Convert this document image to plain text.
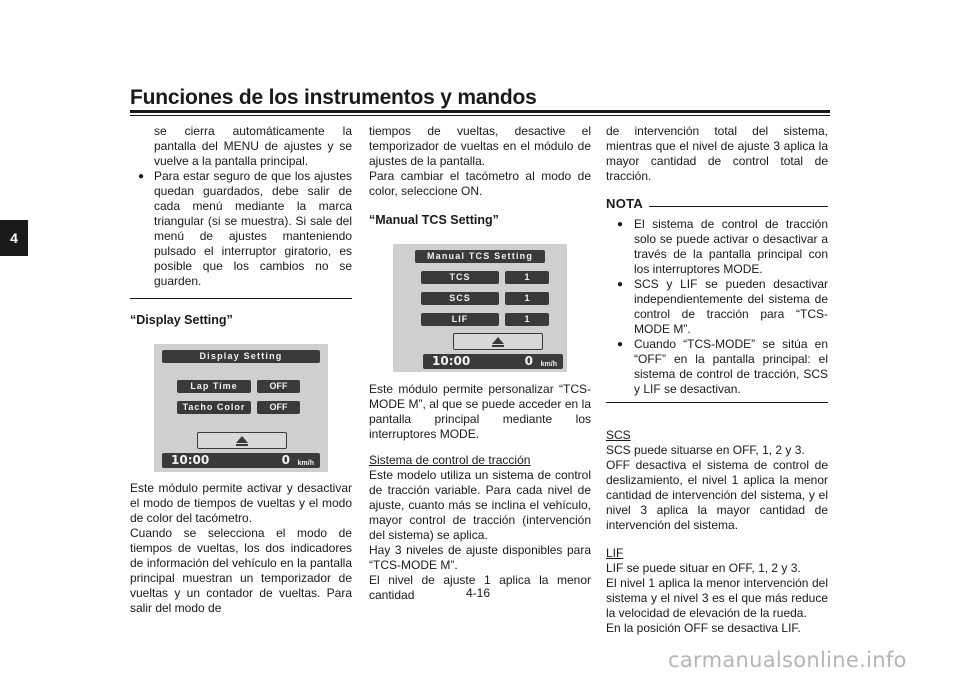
Funciones de los instrumentos y mandos
4

se cierra automáticamente la pantalla del MENU de ajustes y se vuelve a la pantalla principal.

● Para estar seguro de que los ajustes quedan guardados, debe salir de cada menú mediante la marca triangular (si se muestra). Si sale del menú de ajustes manteniendo pulsado el interruptor giratorio, es posible que los cambios no se guarden.
“Display Setting”
Display Setting
Lap Time	OFF
Tacho Color	OFF
10:00	0 km/h

Este módulo permite activar y desactivar el modo de tiempos de vueltas y el modo de color del tacómetro.

Cuando se selecciona el modo de tiempos de vueltas, los dos indicadores de información del vehículo en la pantalla principal muestran un temporizador de vueltas y un contador de vueltas. Para salir del modo de

tiempos de vueltas, desactive el temporizador de vueltas en el módulo de ajustes de la pantalla.

Para cambiar el tacómetro al modo de color, seleccione ON.

“Manual TCS Setting”
Manual TCS Setting
TCS	1
SCS	1
LIF	1
10:00	0 km/h

Este módulo permite personalizar “TCS-MODE M”, al que se puede acceder en la pantalla principal mediante los interruptores MODE.

Sistema de control de tracción

Este modelo utiliza un sistema de control de tracción variable. Para cada nivel de ajuste, cuanto más se inclina el vehículo, mayor control de tracción (intervención del sistema) se aplica.

Hay 3 niveles de ajuste disponibles para “TCS-MODE M”.

El nivel de ajuste 1 aplica la menor cantidad

de intervención total del sistema, mientras que el nivel de ajuste 3 aplica la mayor cantidad de control total de tracción.

NOTA
● El sistema de control de tracción solo se puede activar o desactivar a través de la pantalla principal con los interruptores MODE.
● SCS y LIF se pueden desactivar independientemente del sistema de control de tracción para “TCS-MODE M”.
● Cuando “TCS-MODE” se sitúa en “OFF” en la pantalla principal: el sistema de control de tracción, SCS y LIF se desactivan.

SCS

SCS puede situarse en OFF, 1, 2 y 3.

OFF desactiva el sistema de control de deslizamiento, el nivel 1 aplica la menor cantidad de intervención del sistema, y el nivel 3 aplica la mayor cantidad de intervención del sistema.

LIF

LIF se puede situar en OFF, 1, 2 y 3.

El nivel 1 aplica la menor intervención del sistema y el nivel 3 es el que más reduce la velocidad de elevación de la rueda.

En la posición OFF se desactiva LIF.

4-16
carmanualsonline.info
